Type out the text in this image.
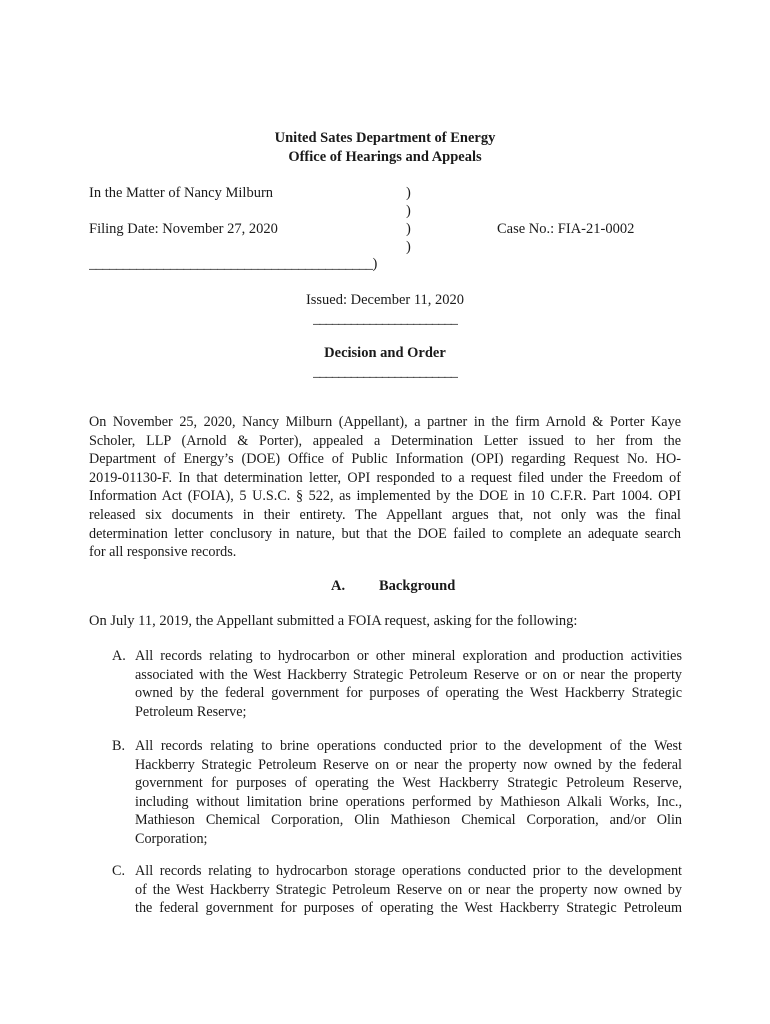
United Sates Department of Energy
Office of Hearings and Appeals
In the Matter of Nancy Milburn	)
)
Filing Date: November 27, 2020	)	Case No.: FIA-21-0002
)
__________________________________________)
Issued: December 11, 2020
_______________________
Decision and Order
_______________________
On November 25, 2020, Nancy Milburn (Appellant), a partner in the firm Arnold & Porter Kaye
Scholer, LLP (Arnold & Porter), appealed a Determination Letter issued to her from the
Department of Energy’s (DOE) Office of Public Information (OPI) regarding Request No. HO-
2019-01130-F. In that determination letter, OPI responded to a request filed under the Freedom of
Information Act (FOIA), 5 U.S.C. § 522, as implemented by the DOE in 10 C.F.R. Part 1004. OPI
released six documents in their entirety. The Appellant argues that, not only was the final
determination letter conclusory in nature, but that the DOE failed to complete an adequate search
for all responsive records.
A. Background
On July 11, 2019, the Appellant submitted a FOIA request, asking for the following:
A. All records relating to hydrocarbon or other mineral exploration and production activities
associated with the West Hackberry Strategic Petroleum Reserve or on or near the property
owned by the federal government for purposes of operating the West Hackberry Strategic
Petroleum Reserve;
B. All records relating to brine operations conducted prior to the development of the West
Hackberry Strategic Petroleum Reserve on or near the property now owned by the federal
government for purposes of operating the West Hackberry Strategic Petroleum Reserve,
including without limitation brine operations performed by Mathieson Alkali Works, Inc.,
Mathieson Chemical Corporation, Olin Mathieson Chemical Corporation, and/or Olin
Corporation;
C. All records relating to hydrocarbon storage operations conducted prior to the development
of the West Hackberry Strategic Petroleum Reserve on or near the property now owned by
the federal government for purposes of operating the West Hackberry Strategic Petroleum
